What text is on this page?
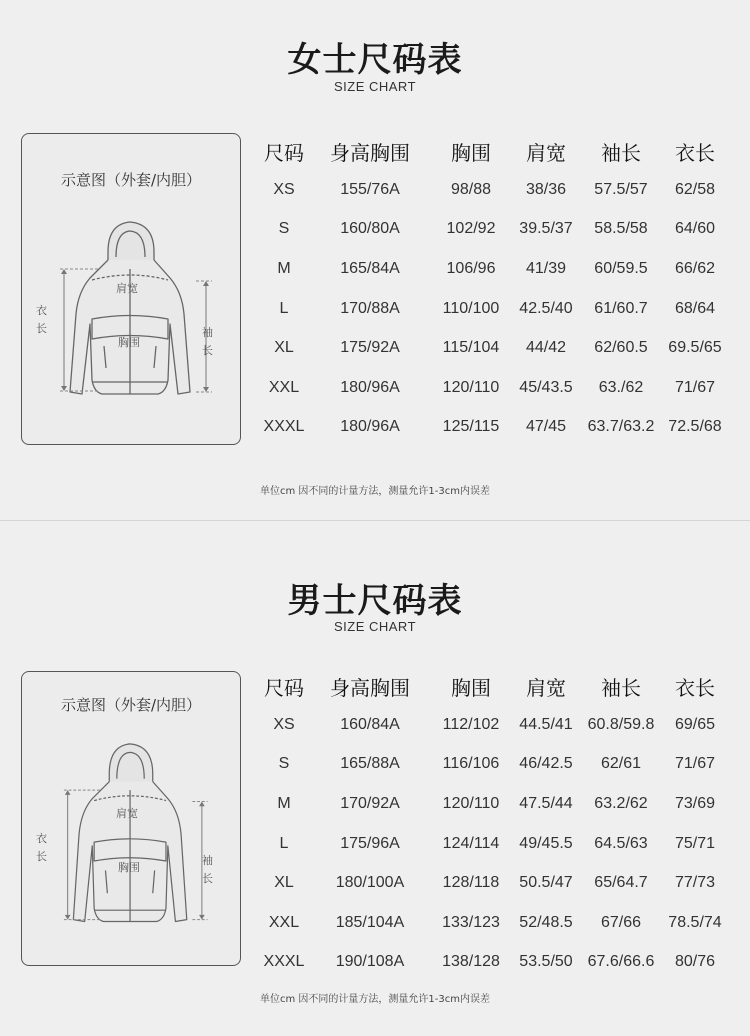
女士尺码表
SIZE CHART
示意图（外套/内胆）
衣
长	袖
长
肩宽
胸围
尺码	身高胸围	胸围	肩宽	袖长	衣长
XS	155/76A	98/88	38/36	57.5/57	62/58
S	160/80A	102/92	39.5/37	58.5/58	64/60
M	165/84A	106/96	41/39	60/59.5	66/62
L	170/88A	110/100	42.5/40	61/60.7	68/64
XL	175/92A	115/104	44/42	62/60.5	69.5/65
XXL	180/96A	120/110	45/43.5	63./62	71/67
XXXL	180/96A	125/115	47/45	63.7/63.2	72.5/68
单位cm 因不同的计量方法，测量允许1-3cm内误差
男士尺码表
SIZE CHART
示意图（外套/内胆）
衣
长	袖
长
肩宽
胸围
尺码	身高胸围	胸围	肩宽	袖长	衣长
XS	160/84A	112/102	44.5/41	60.8/59.8	69/65
S	165/88A	116/106	46/42.5	62/61	71/67
M	170/92A	120/110	47.5/44	63.2/62	73/69
L	175/96A	124/114	49/45.5	64.5/63	75/71
XL	180/100A	128/118	50.5/47	65/64.7	77/73
XXL	185/104A	133/123	52/48.5	67/66	78.5/74
XXXL	190/108A	138/128	53.5/50	67.6/66.6	80/76
单位cm 因不同的计量方法，测量允许1-3cm内误差
